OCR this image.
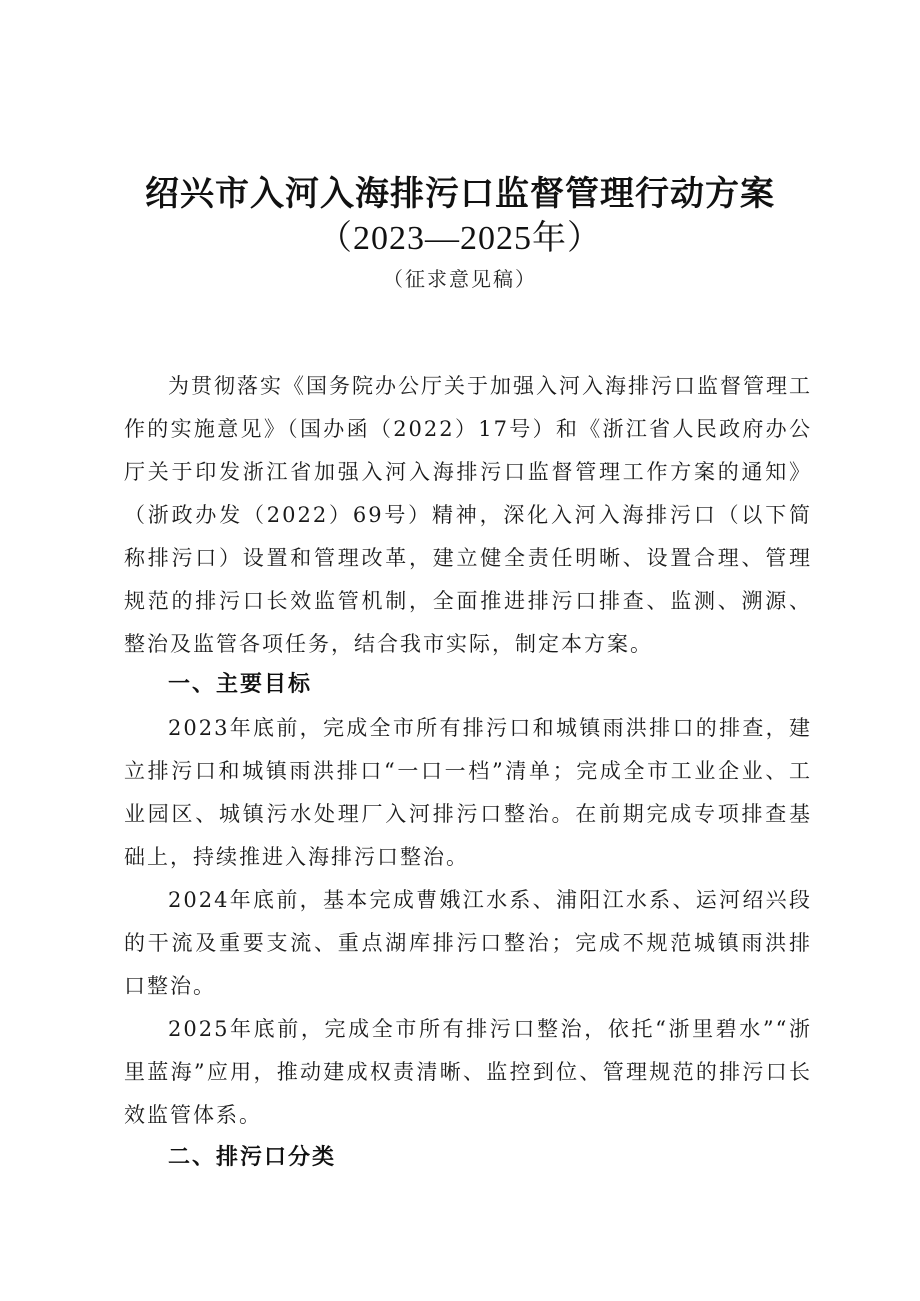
绍兴市入河入海排污口监督管理行动方案
（2023—2025年）
（征求意见稿）

为贯彻落实《国务院办公厅关于加强入河入海排污口监督管理工作的实施意见》（国办函（2022）17号）和《浙江省人民政府办公厅关于印发浙江省加强入河入海排污口监督管理工作方案的通知》（浙政办发（2022）69号）精神，深化入河入海排污口（以下简称排污口）设置和管理改革，建立健全责任明晰、设置合理、管理规范的排污口长效监管机制，全面推进排污口排查、监测、溯源、整治及监管各项任务，结合我市实际，制定本方案。

一、主要目标

2023年底前，完成全市所有排污口和城镇雨洪排口的排查，建立排污口和城镇雨洪排口“一口一档”清单；完成全市工业企业、工业园区、城镇污水处理厂入河排污口整治。在前期完成专项排查基础上，持续推进入海排污口整治。

2024年底前，基本完成曹娥江水系、浦阳江水系、运河绍兴段的干流及重要支流、重点湖库排污口整治；完成不规范城镇雨洪排口整治。

2025年底前，完成全市所有排污口整治，依托“浙里碧水”“浙里蓝海”应用，推动建成权责清晰、监控到位、管理规范的排污口长效监管体系。

二、排污口分类
